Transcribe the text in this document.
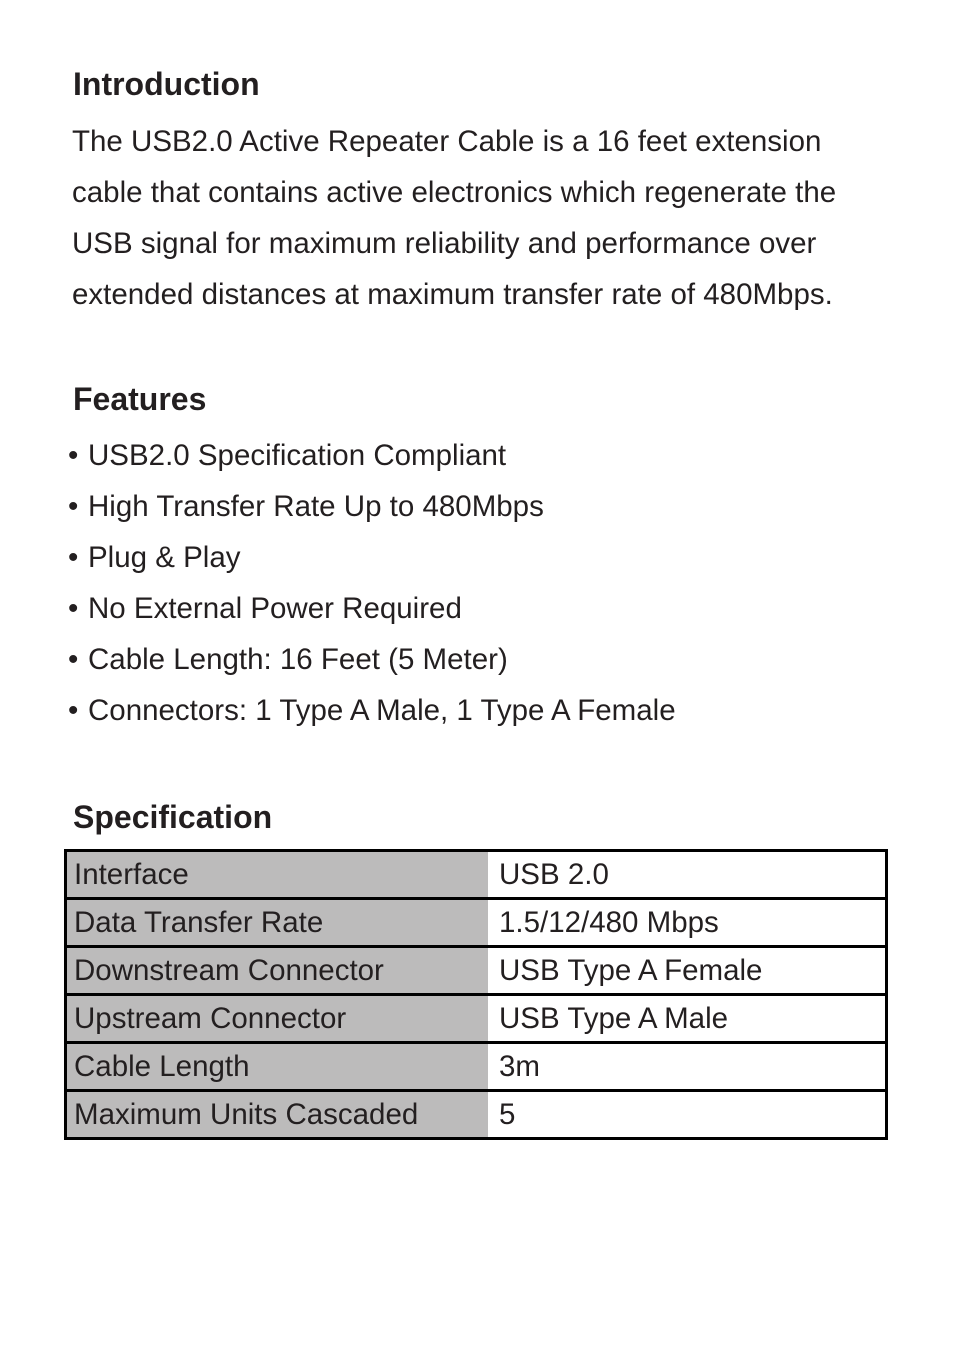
Introduction

The USB2.0 Active Repeater Cable is a 16 feet extension
cable that contains active electronics which regenerate the
USB signal for maximum reliability and performance over
extended distances at maximum transfer rate of 480Mbps.

Features
• USB2.0 Specification Compliant
• High Transfer Rate Up to 480Mbps
• Plug & Play
• No External Power Required
• Cable Length: 16 Feet (5 Meter)
• Connectors: 1 Type A Male, 1 Type A Female
Specification
Interface	USB 2.0
Data Transfer Rate	1.5/12/480 Mbps
Downstream Connector	USB Type A Female
Upstream Connector	USB Type A Male
Cable Length	3m
Maximum Units Cascaded	5
